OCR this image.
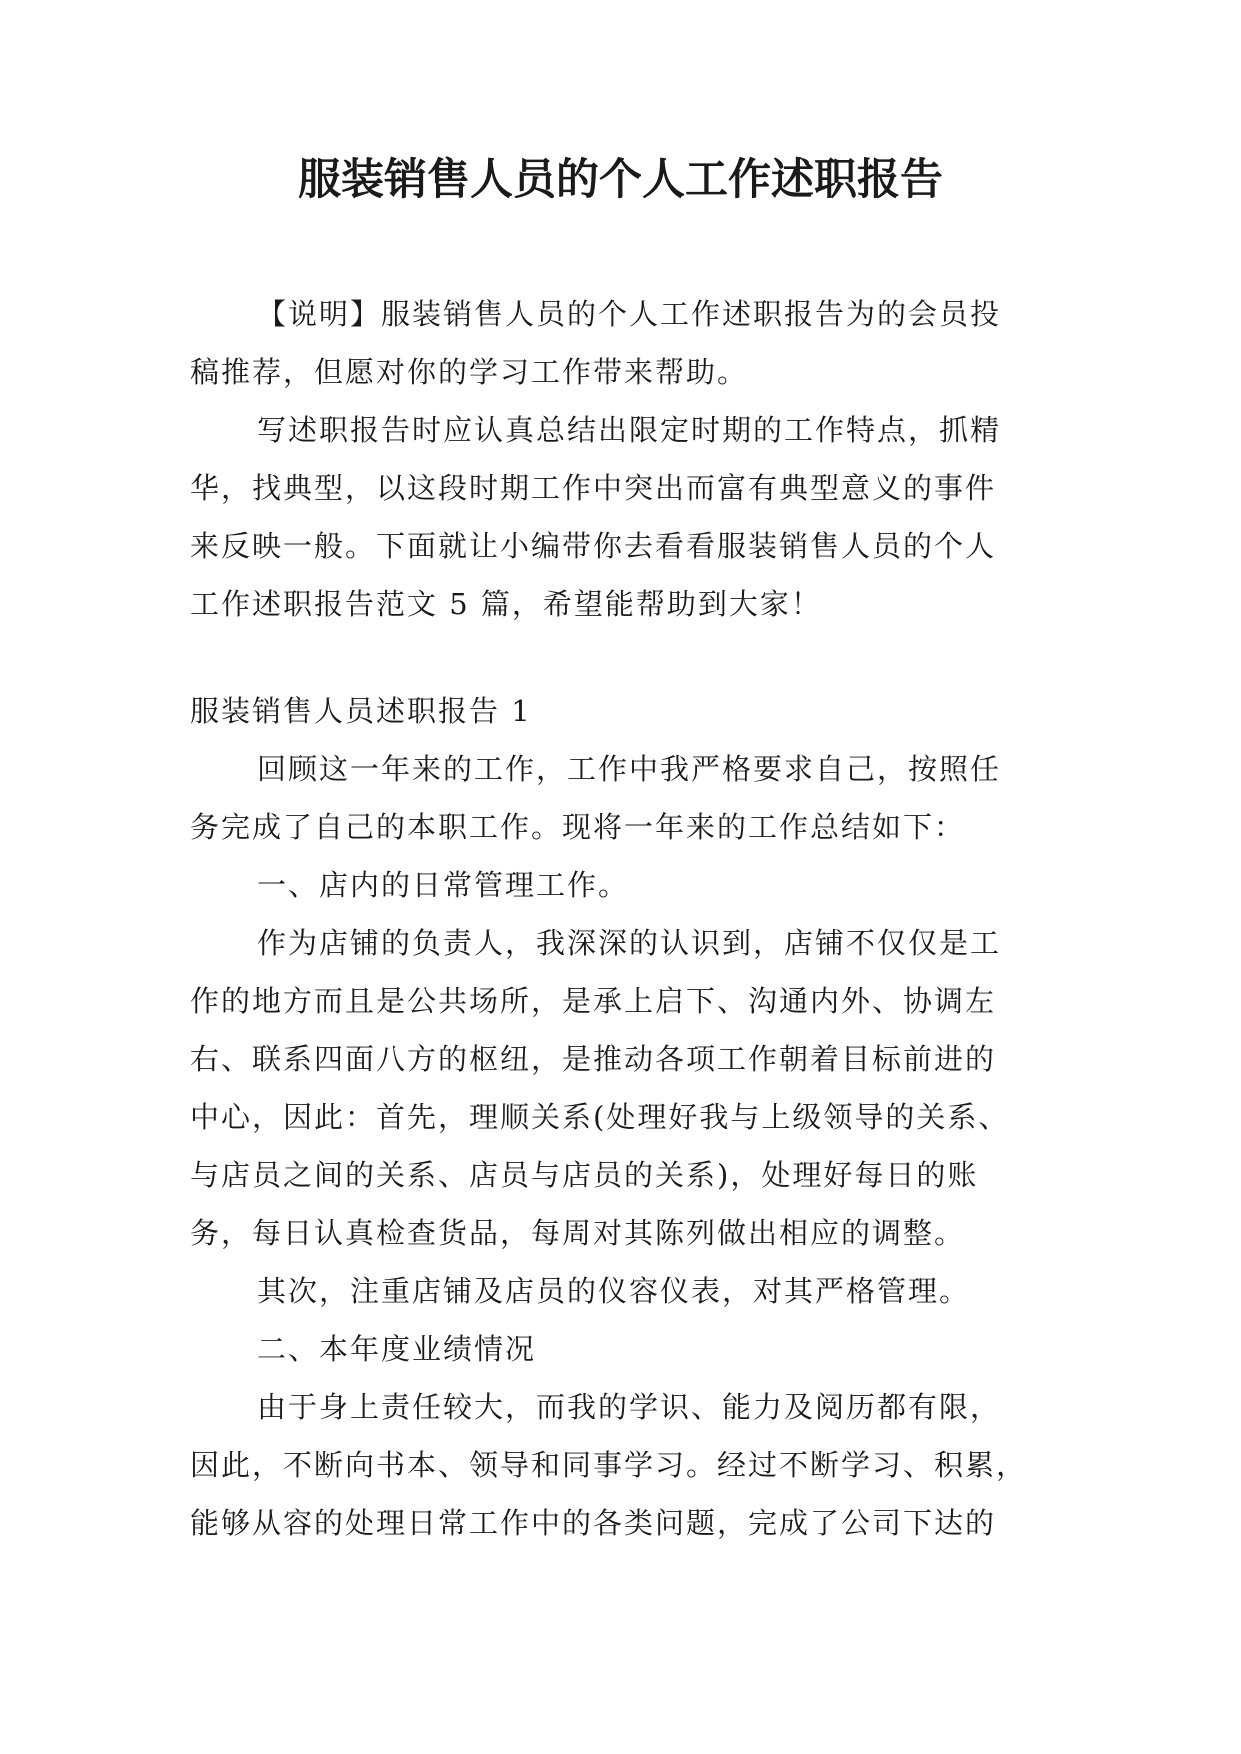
服装销售人员的个人工作述职报告

【说明】服装销售人员的个人工作述职报告为的会员投

稿推荐，但愿对你的学习工作带来帮助。

写述职报告时应认真总结出限定时期的工作特点，抓精

华，找典型，以这段时期工作中突出而富有典型意义的事件

来反映一般。下面就让小编带你去看看服装销售人员的个人

工作述职报告范文 5 篇，希望能帮助到大家！

服装销售人员述职报告 1

回顾这一年来的工作，工作中我严格要求自己，按照任

务完成了自己的本职工作。现将一年来的工作总结如下：

一、店内的日常管理工作。

作为店铺的负责人，我深深的认识到，店铺不仅仅是工

作的地方而且是公共场所，是承上启下、沟通内外、协调左

右、联系四面八方的枢纽，是推动各项工作朝着目标前进的

中心，因此：首先，理顺关系(处理好我与上级领导的关系、

与店员之间的关系、店员与店员的关系)，处理好每日的账

务，每日认真检查货品，每周对其陈列做出相应的调整。

其次，注重店铺及店员的仪容仪表，对其严格管理。

二、本年度业绩情况

由于身上责任较大，而我的学识、能力及阅历都有限，

因此，不断向书本、领导和同事学习。经过不断学习、积累，

能够从容的处理日常工作中的各类问题，完成了公司下达的
